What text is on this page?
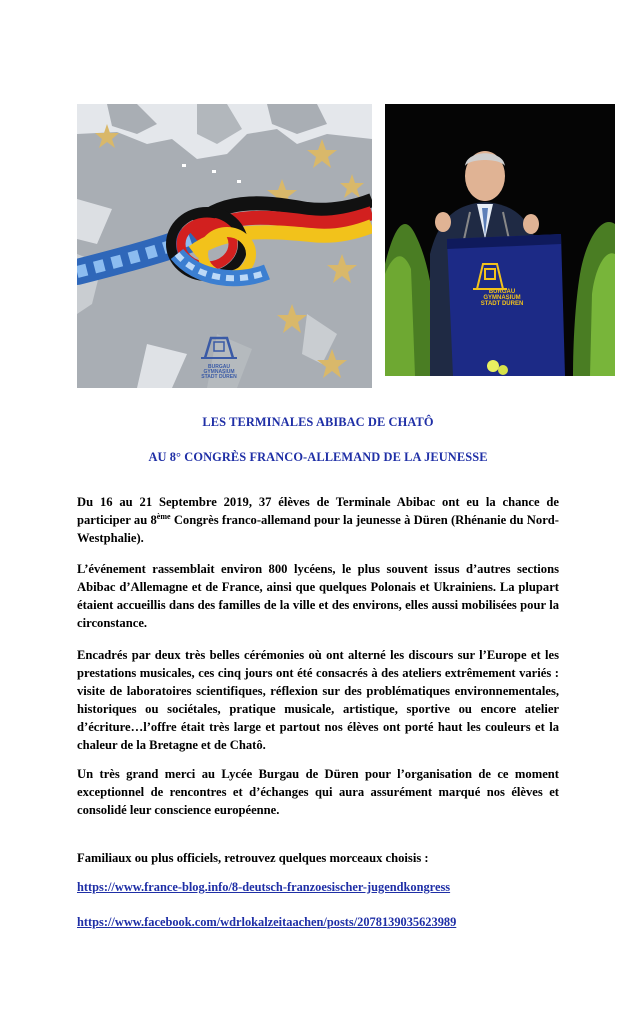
BURGAU
GYMNASIUM
STADT DÜREN
BURGAU
GYMNASIUM
STADT DÜREN
LES TERMINALES ABIBAC DE CHATÔ
AU 8° CONGRÈS FRANCO-ALLEMAND DE LA JEUNESSE

Du 16 au 21 Septembre 2019, 37 élèves de Terminale Abibac ont eu la chance de participer au 8ème Congrès franco-allemand pour la jeunesse à Düren (Rhénanie du Nord- Westphalie).

L’événement rassemblait environ 800 lycéens, le plus souvent issus d’autres sections Abibac d’Allemagne et de France, ainsi que quelques Polonais et Ukrainiens. La plupart étaient accueillis dans des familles de la ville et des environs, elles aussi mobilisées pour la circonstance.

Encadrés par deux très belles cérémonies où ont alterné les discours sur l’Europe et les prestations musicales, ces cinq jours ont été consacrés à des ateliers extrêmement variés : visite de laboratoires scientifiques, réflexion sur des problématiques environnementales, historiques ou sociétales, pratique musicale, artistique, sportive ou encore atelier d’écriture…l’offre était très large et partout nos élèves ont porté haut les couleurs et la chaleur de la Bretagne et de Chatô.

Un très grand merci au Lycée Burgau de Düren pour l’organisation de ce moment exceptionnel de rencontres et d’échanges qui aura assurément marqué nos élèves et consolidé leur conscience européenne.

Familiaux ou plus officiels, retrouvez quelques morceaux choisis :

https://www.france-blog.info/8-deutsch-franzoesischer-jugendkongress
https://www.facebook.com/wdrlokalzeitaachen/posts/2078139035623989
